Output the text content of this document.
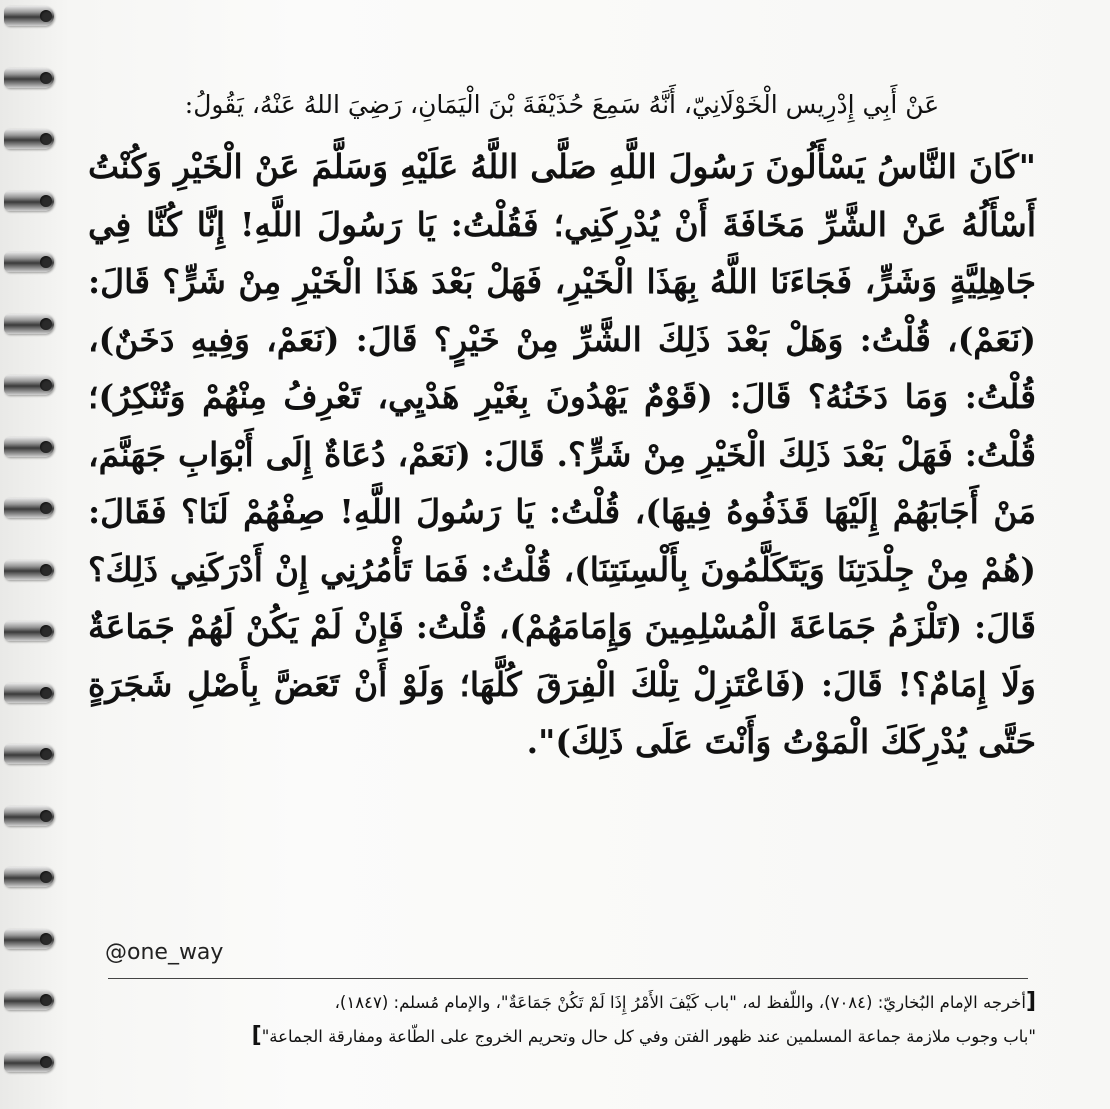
عَنْ أَبِي إِدْرِيس الْخَوْلَانِيّ، أَنَّهُ سَمِعَ حُذَيْفَةَ بْنَ الْيَمَانِ، رَضِيَ اللهُ عَنْهُ، يَقُولُ:

"كَانَ النَّاسُ يَسْأَلُونَ رَسُولَ اللَّهِ صَلَّى اللَّهُ عَلَيْهِ وَسَلَّمَ عَنْ الْخَيْرِ وَكُنْتُ أَسْأَلُهُ عَنْ الشَّرِّ مَخَافَةَ أَنْ يُدْرِكَنِي؛ فَقُلْتُ: يَا رَسُولَ اللَّهِ! إِنَّا كُنَّا فِي جَاهِلِيَّةٍ وَشَرٍّ، فَجَاءَنَا اللَّهُ بِهَذَا الْخَيْرِ، فَهَلْ بَعْدَ هَذَا الْخَيْرِ مِنْ شَرٍّ؟ قَالَ: (نَعَمْ)، قُلْتُ: وَهَلْ بَعْدَ ذَلِكَ الشَّرِّ مِنْ خَيْرٍ؟ قَالَ: (نَعَمْ، وَفِيهِ دَخَنٌ)، قُلْتُ: وَمَا دَخَنُهُ؟ قَالَ: (قَوْمٌ يَهْدُونَ بِغَيْرِ هَدْيِي، تَعْرِفُ مِنْهُمْ وَتُنْكِرُ)؛ قُلْتُ: فَهَلْ بَعْدَ ذَلِكَ الْخَيْرِ مِنْ شَرٍّ؟. قَالَ: (نَعَمْ، دُعَاةٌ إِلَى أَبْوَابِ جَهَنَّمَ، مَنْ أَجَابَهُمْ إِلَيْهَا قَذَفُوهُ فِيهَا)، قُلْتُ: يَا رَسُولَ اللَّهِ! صِفْهُمْ لَنَا؟ فَقَالَ: (هُمْ مِنْ جِلْدَتِنَا وَيَتَكَلَّمُونَ بِأَلْسِنَتِنَا)، قُلْتُ: فَمَا تَأْمُرُنِي إِنْ أَدْرَكَنِي ذَلِكَ؟ قَالَ: (تَلْزَمُ جَمَاعَةَ الْمُسْلِمِينَ وَإِمَامَهُمْ)، قُلْتُ: فَإِنْ لَمْ يَكُنْ لَهُمْ جَمَاعَةٌ وَلَا إِمَامٌ؟! قَالَ: (فَاعْتَزِلْ تِلْكَ الْفِرَقَ كُلَّهَا؛ وَلَوْ أَنْ تَعَضَّ بِأَصْلِ شَجَرَةٍ حَتَّى يُدْرِكَكَ الْمَوْتُ وَأَنْتَ عَلَى ذَلِكَ)".

@one_way
[أخرجه الإمام البُخاريّ: (٧٠٨٤)، واللّفظ له، "باب كَيْفَ الأَمْرُ إِذَا لَمْ تَكُنْ جَمَاعَةٌ"، والإمام مُسلم: (١٨٤٧)،
"باب وجوب ملازمة جماعة المسلمين عند ظهور الفتن وفي كل حال وتحريم الخروج على الطّاعة ومفارقة الجماعة"]
